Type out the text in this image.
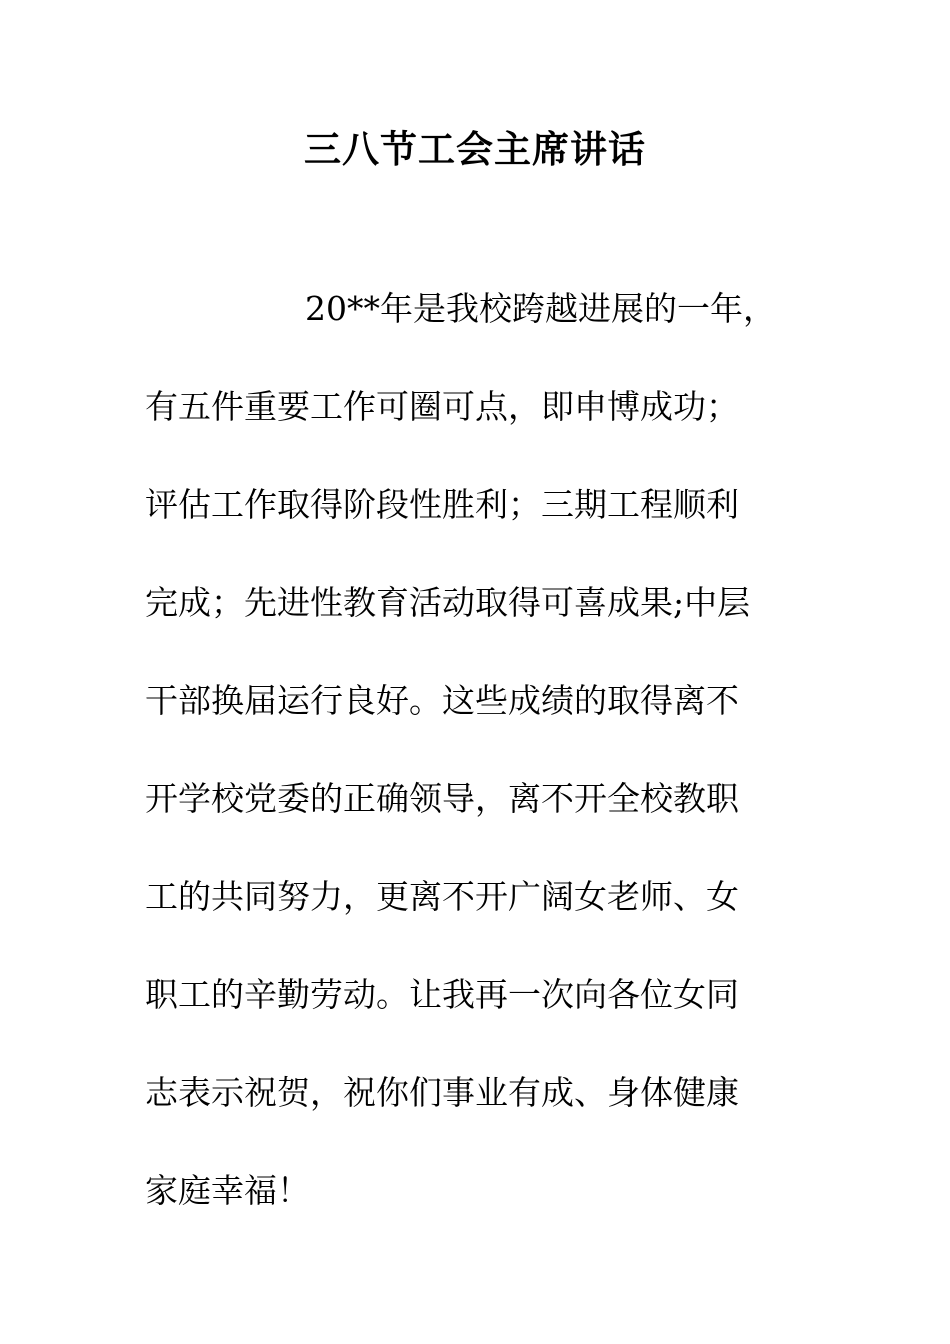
三八节工会主席讲话
20**年是我校跨越进展的一年，
有五件重要工作可圈可点，即申博成功；
评估工作取得阶段性胜利；三期工程顺利
完成；先进性教育活动取得可喜成果;中层
干部换届运行良好。这些成绩的取得离不
开学校党委的正确领导，离不开全校教职
工的共同努力，更离不开广阔女老师、女
职工的辛勤劳动。让我再一次向各位女同
志表示祝贺，祝你们事业有成、身体健康
家庭幸福！
